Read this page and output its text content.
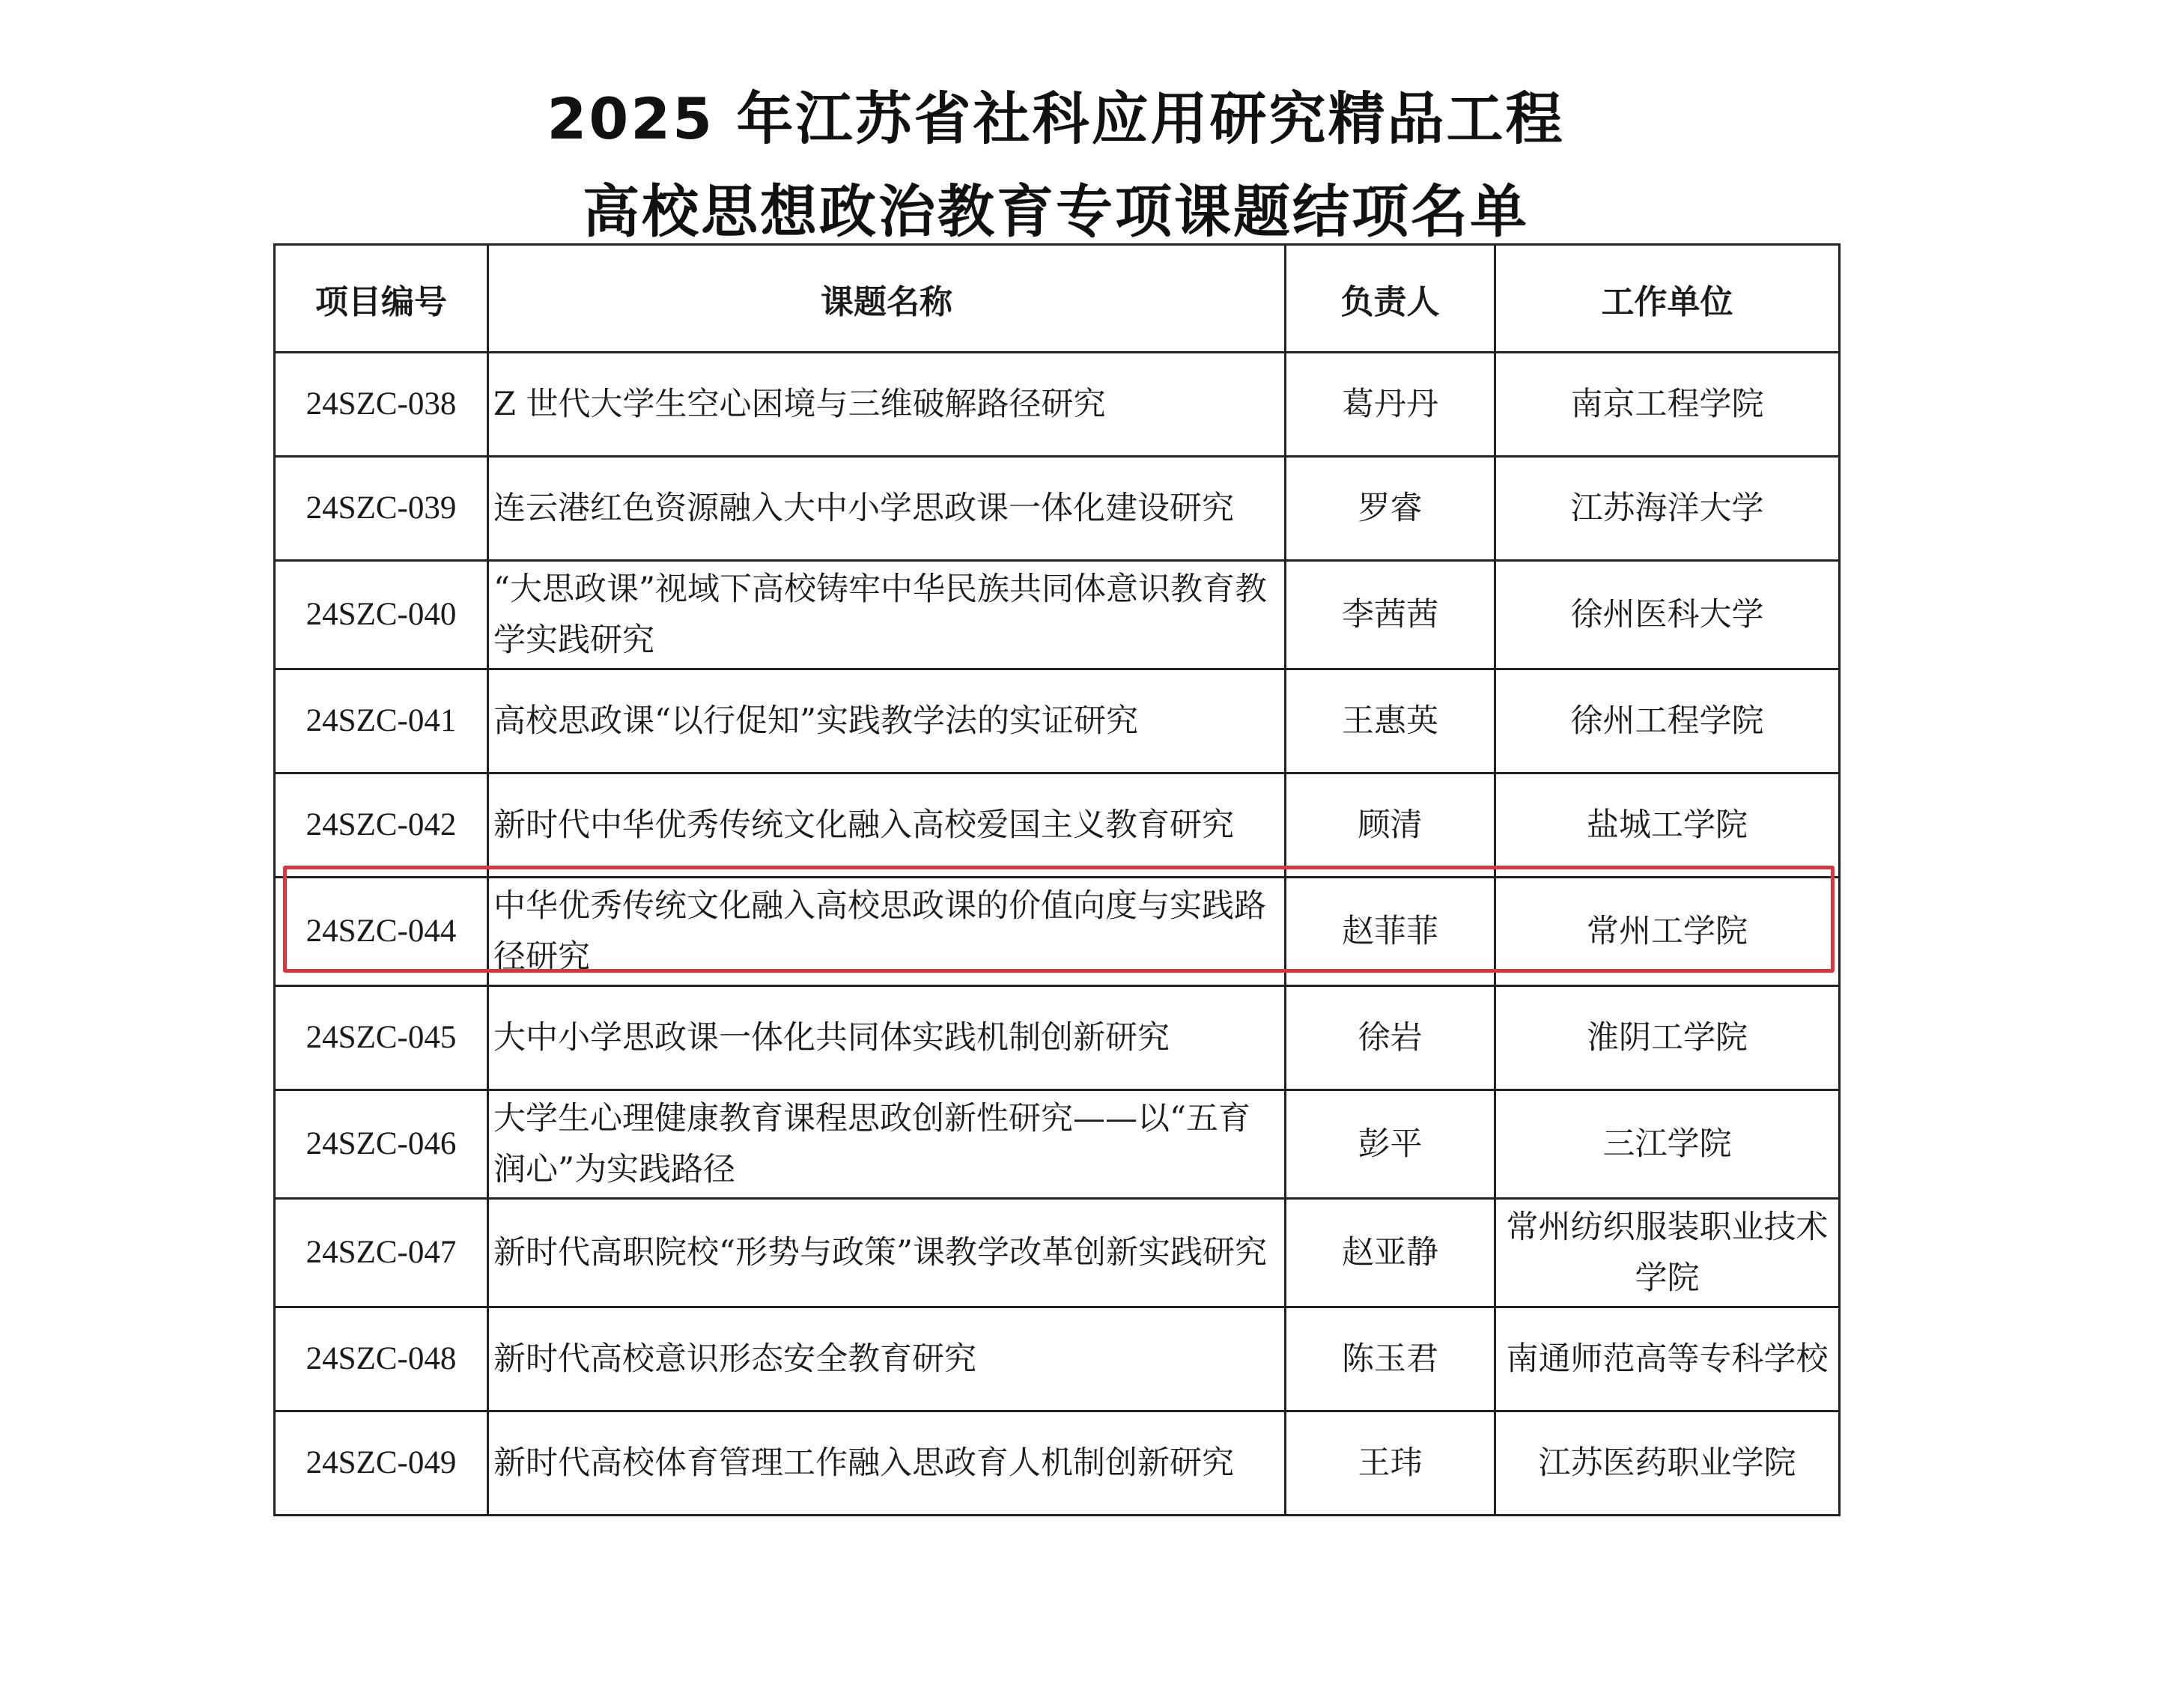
2025 年江苏省社科应用研究精品工程
高校思想政治教育专项课题结项名单
项目编号	课题名称	负责人	工作单位
24SZC-038	Z 世代大学生空心困境与三维破解路径研究	葛丹丹	南京工程学院
24SZC-039	连云港红色资源融入大中小学思政课一体化建设研究	罗睿	江苏海洋大学
24SZC-040	“大思政课”视域下高校铸牢中华民族共同体意识教育教学实践研究	李茜茜	徐州医科大学
24SZC-041	高校思政课“以行促知”实践教学法的实证研究	王惠英	徐州工程学院
24SZC-042	新时代中华优秀传统文化融入高校爱国主义教育研究	顾清	盐城工学院
24SZC-044	中华优秀传统文化融入高校思政课的价值向度与实践路径研究	赵菲菲	常州工学院
24SZC-045	大中小学思政课一体化共同体实践机制创新研究	徐岩	淮阴工学院
24SZC-046	大学生心理健康教育课程思政创新性研究——以“五育润心”为实践路径	彭平	三江学院
24SZC-047	新时代高职院校“形势与政策”课教学改革创新实践研究	赵亚静	常州纺织服装职业技术学院
24SZC-048	新时代高校意识形态安全教育研究	陈玉君	南通师范高等专科学校
24SZC-049	新时代高校体育管理工作融入思政育人机制创新研究	王玮	江苏医药职业学院
